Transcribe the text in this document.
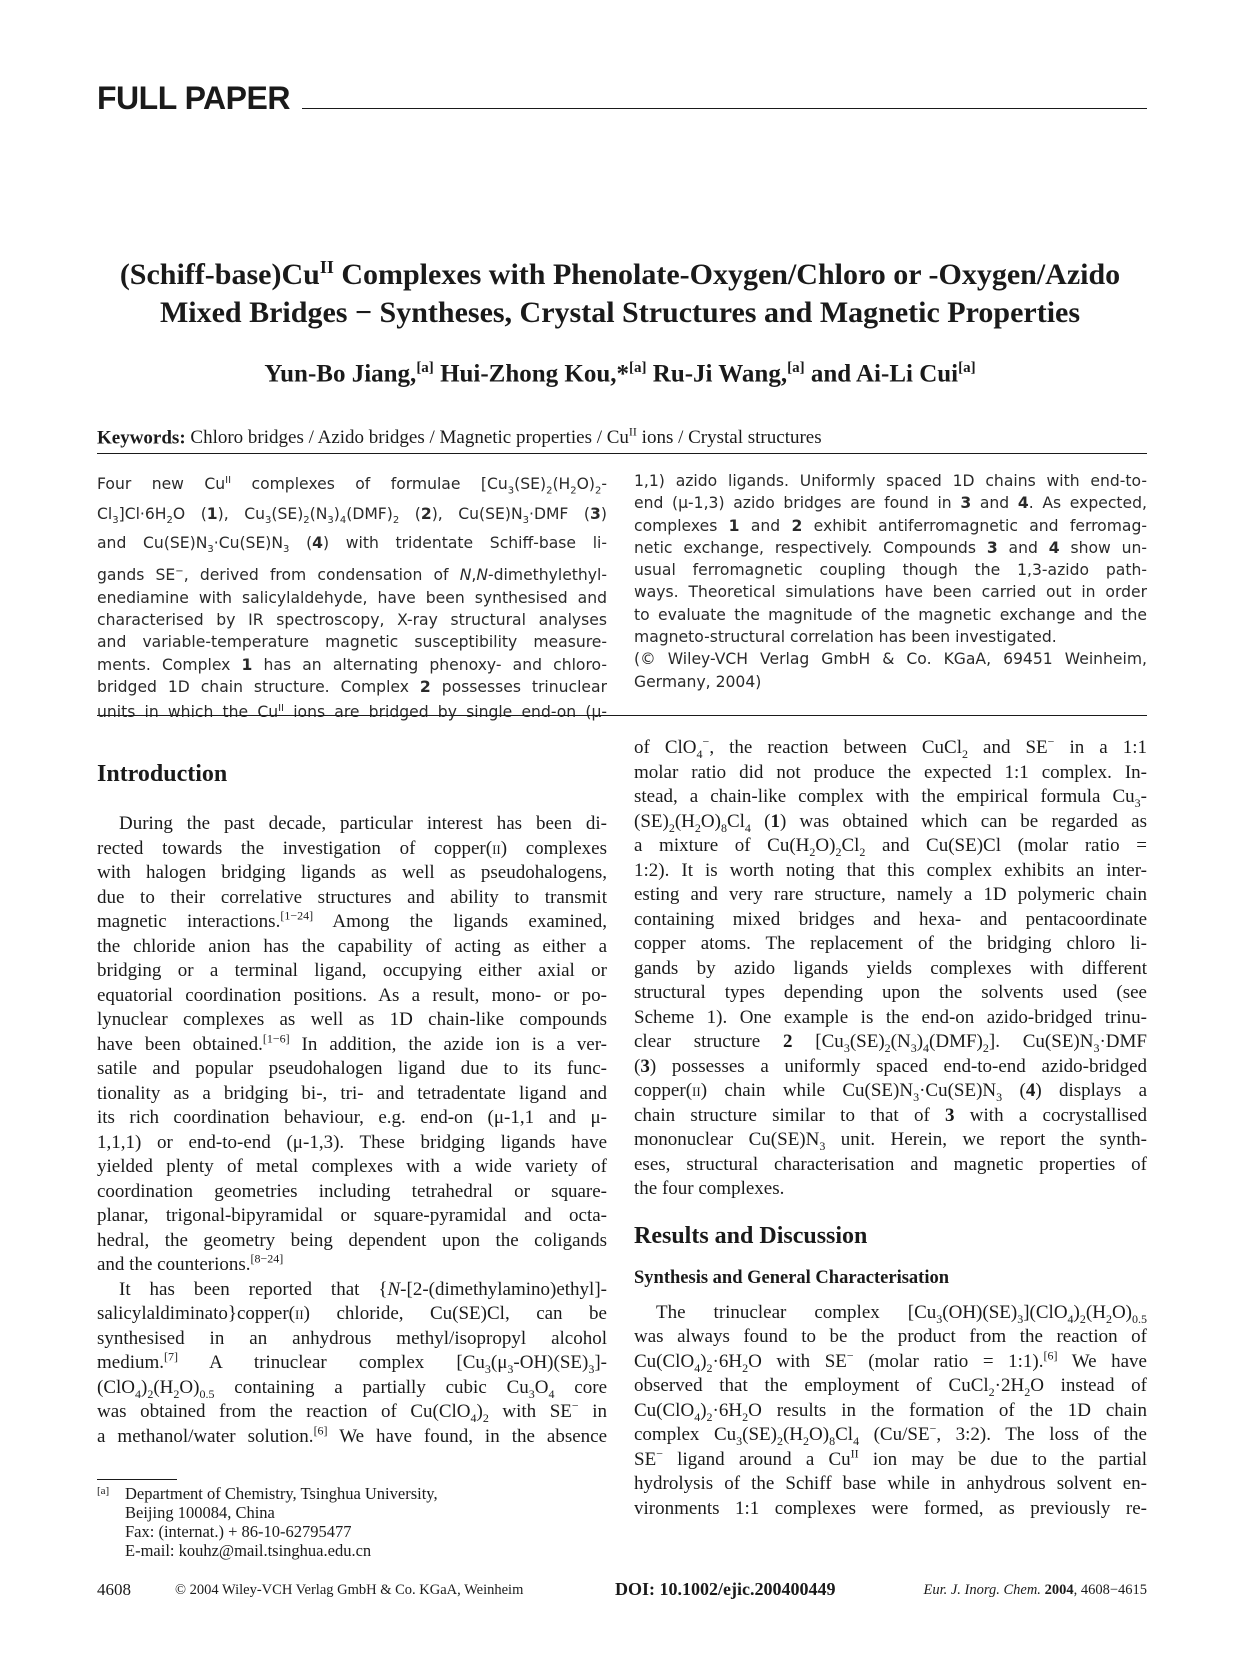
FULL PAPER
$(Schiff-base)Cu^{II}$ Complexes with Phenolate-Oxygen/Chloro or -Oxygen/Azido
Mixed Bridges − Syntheses, Crystal Structures and Magnetic Properties
Yun-Bo Jiang,[a] Hui-Zhong Kou,*[a] Ru-Ji Wang,[a] and Ai-Li Cui[a]
Keywords: Chloro bridges / Azido bridges / Magnetic properties / $Cu^{II}$ ions / Crystal structures
Four new $Cu^{II}$ complexes of formulae [$Cu_3(SE)_2(H_2O)_2-$
$Cl_3]Cl\cdot 6H_2O$ (1), $Cu_3(SE)_2(N_3)_4(DMF)_2$ (2), $Cu(SE)N_3\cdot DMF$ (3)
and $Cu(SE)N_3\cdot Cu(SE)N_3$ (4) with tridentate Schiff-base li-
gands SE−, derived from condensation of N,N-dimethylethyl-
enediamine with salicylaldehyde, have been synthesised and
characterised by IR spectroscopy, X-ray structural analyses
and variable-temperature magnetic susceptibility measure-
ments. Complex 1 has an alternating phenoxy- and chloro-
bridged 1D chain structure. Complex 2 possesses trinuclear
units in which the $Cu^{II}$ ions are bridged by single end-on (μ-
1,1) azido ligands. Uniformly spaced 1D chains with end-to-
end (μ-1,3) azido bridges are found in 3 and 4. As expected,
complexes 1 and 2 exhibit antiferromagnetic and ferromag-
netic exchange, respectively. Compounds 3 and 4 show un-
usual ferromagnetic coupling though the 1,3-azido path-
ways. Theoretical simulations have been carried out in order
to evaluate the magnitude of the magnetic exchange and the
magneto-structural correlation has been investigated.
(© Wiley-VCH Verlag GmbH & Co. KGaA, 69451 Weinheim,
Germany, 2004)
Introduction
During the past decade, particular interest has been di-
rected towards the investigation of copper(ii) complexes
with halogen bridging ligands as well as pseudohalogens,
due to their correlative structures and ability to transmit
magnetic interactions.[1−24] Among the ligands examined,
the chloride anion has the capability of acting as either a
bridging or a terminal ligand, occupying either axial or
equatorial coordination positions. As a result, mono- or po-
lynuclear complexes as well as 1D chain-like compounds
have been obtained.[1−6] In addition, the azide ion is a ver-
satile and popular pseudohalogen ligand due to its func-
tionality as a bridging bi-, tri- and tetradentate ligand and
its rich coordination behaviour, e.g. end-on (μ-1,1 and μ-
1,1,1) or end-to-end (μ-1,3). These bridging ligands have
yielded plenty of metal complexes with a wide variety of
coordination geometries including tetrahedral or square-
planar, trigonal-bipyramidal or square-pyramidal and octa-
hedral, the geometry being dependent upon the coligands
and the counterions.[8−24]
It has been reported that {N-[2-(dimethylamino)ethyl]-
salicylaldiminato}copper(ii) chloride, Cu(SE)Cl, can be
synthesised in an anhydrous methyl/isopropyl alcohol
medium.[7] A trinuclear complex $[Cu_3(\mu_3-OH)(SE)_3]-$
$(ClO_4)_2(H_2O)_{0.5}$ containing a partially cubic $Cu_3O_4$ core
was obtained from the reaction of $Cu(ClO_4)_2$ with SE− in
a methanol/water solution.[6] We have found, in the absence
of ClO$_4$−, the reaction between CuCl$_2$ and SE− in a 1:1
molar ratio did not produce the expected 1:1 complex. In-
stead, a chain-like complex with the empirical formula $Cu_3-$
$(SE)_2(H_2O)_8Cl_4$ (1) was obtained which can be regarded as
a mixture of $Cu(H_2O)_2Cl_2$ and Cu(SE)Cl (molar ratio =
1:2). It is worth noting that this complex exhibits an inter-
esting and very rare structure, namely a 1D polymeric chain
containing mixed bridges and hexa- and pentacoordinate
copper atoms. The replacement of the bridging chloro li-
gands by azido ligands yields complexes with different
structural types depending upon the solvents used (see
Scheme 1). One example is the end-on azido-bridged trinu-
clear structure 2 $[Cu_3(SE)_2(N_3)_4(DMF)_2]$. $Cu(SE)N_3\cdot DMF$
(3) possesses a uniformly spaced end-to-end azido-bridged
copper(ii) chain while $Cu(SE)N_3\cdot Cu(SE)N_3$ (4) displays a
chain structure similar to that of 3 with a cocrystallised
mononuclear $Cu(SE)N_3$ unit. Herein, we report the synth-
eses, structural characterisation and magnetic properties of
the four complexes.
Results and Discussion
Synthesis and General Characterisation
The trinuclear complex $[Cu_3(OH)(SE)_3](ClO_4)_2(H_2O)_{0.5}$
was always found to be the product from the reaction of
$Cu(ClO_4)_2\cdot 6H_2O$ with SE− (molar ratio = 1:1).[6] We have
observed that the employment of $CuCl_2\cdot 2H_2O$ instead of
$Cu(ClO_4)_2\cdot 6H_2O$ results in the formation of the 1D chain
complex $Cu_3(SE)_2(H_2O)_8Cl_4$ (Cu/SE−, 3:2). The loss of the
SE− ligand around a $Cu^{II}$ ion may be due to the partial
hydrolysis of the Schiff base while in anhydrous solvent en-
vironments 1:1 complexes were formed, as previously re-
[a] Department of Chemistry, Tsinghua University,
Beijing 100084, China
Fax: (internat.) + 86-10-62795477
E-mail: kouhz@mail.tsinghua.edu.cn
4608	© 2004 Wiley-VCH Verlag GmbH & Co. KGaA, Weinheim	DOI: 10.1002/ejic.200400449	Eur. J. Inorg. Chem. 2004, 4608−4615
